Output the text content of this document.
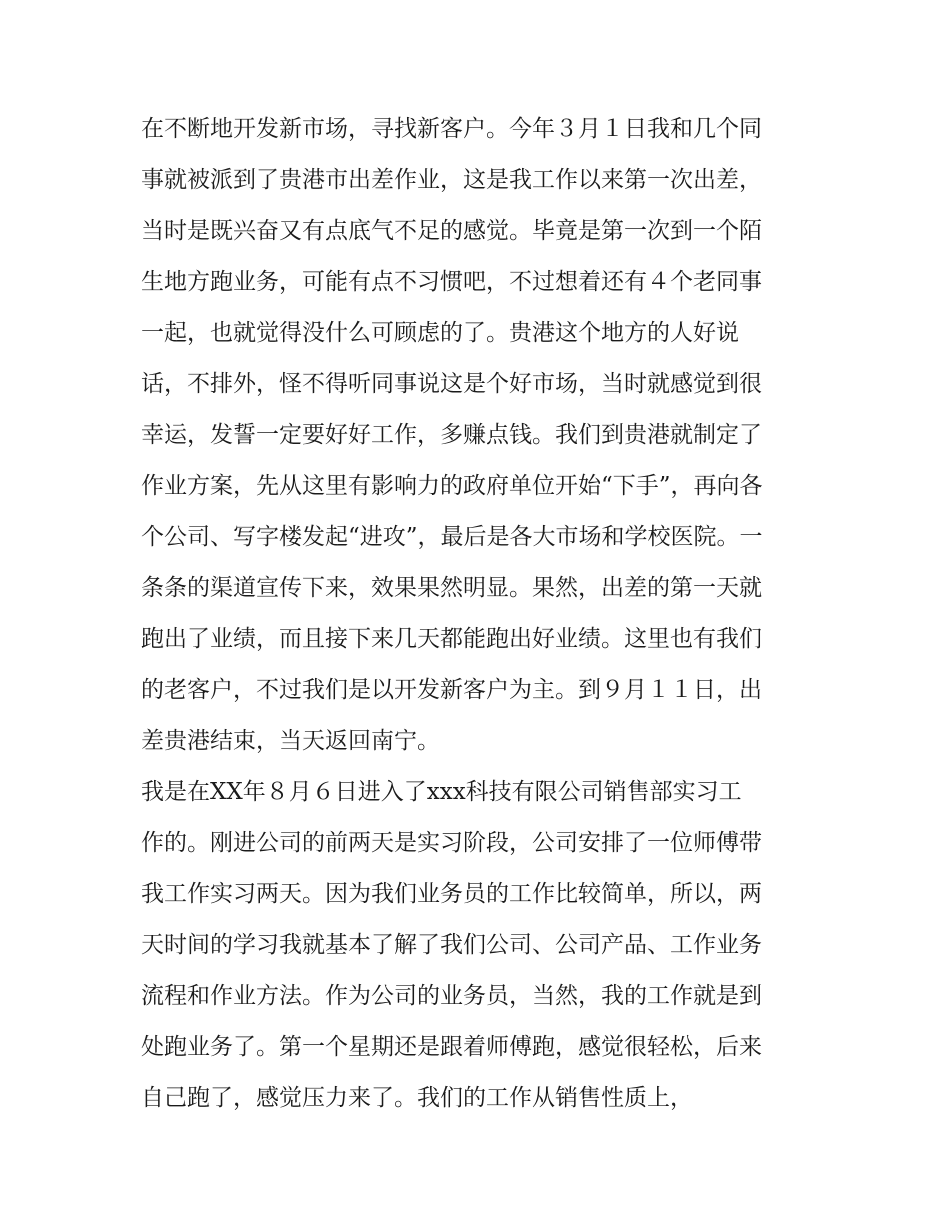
在不断地开发新市场，寻找新客户。今年３月１日我和几个同
事就被派到了贵港市出差作业，这是我工作以来第一次出差，
当时是既兴奋又有点底气不足的感觉。毕竟是第一次到一个陌
生地方跑业务，可能有点不习惯吧，不过想着还有４个老同事
一起，也就觉得没什么可顾虑的了。贵港这个地方的人好说
话，不排外，怪不得听同事说这是个好市场，当时就感觉到很
幸运，发誓一定要好好工作，多赚点钱。我们到贵港就制定了
作业方案，先从这里有影响力的政府单位开始“下手”，再向各
个公司、写字楼发起“进攻”，最后是各大市场和学校医院。一
条条的渠道宣传下来，效果果然明显。果然，出差的第一天就
跑出了业绩，而且接下来几天都能跑出好业绩。这里也有我们
的老客户，不过我们是以开发新客户为主。到９月１１日，出
差贵港结束，当天返回南宁。
我是在XX年８月６日进入了xxx科技有限公司销售部实习工
作的。刚进公司的前两天是实习阶段，公司安排了一位师傅带
我工作实习两天。因为我们业务员的工作比较简单，所以，两
天时间的学习我就基本了解了我们公司、公司产品、工作业务
流程和作业方法。作为公司的业务员，当然，我的工作就是到
处跑业务了。第一个星期还是跟着师傅跑，感觉很轻松，后来
自己跑了，感觉压力来了。我们的工作从销售性质上，
